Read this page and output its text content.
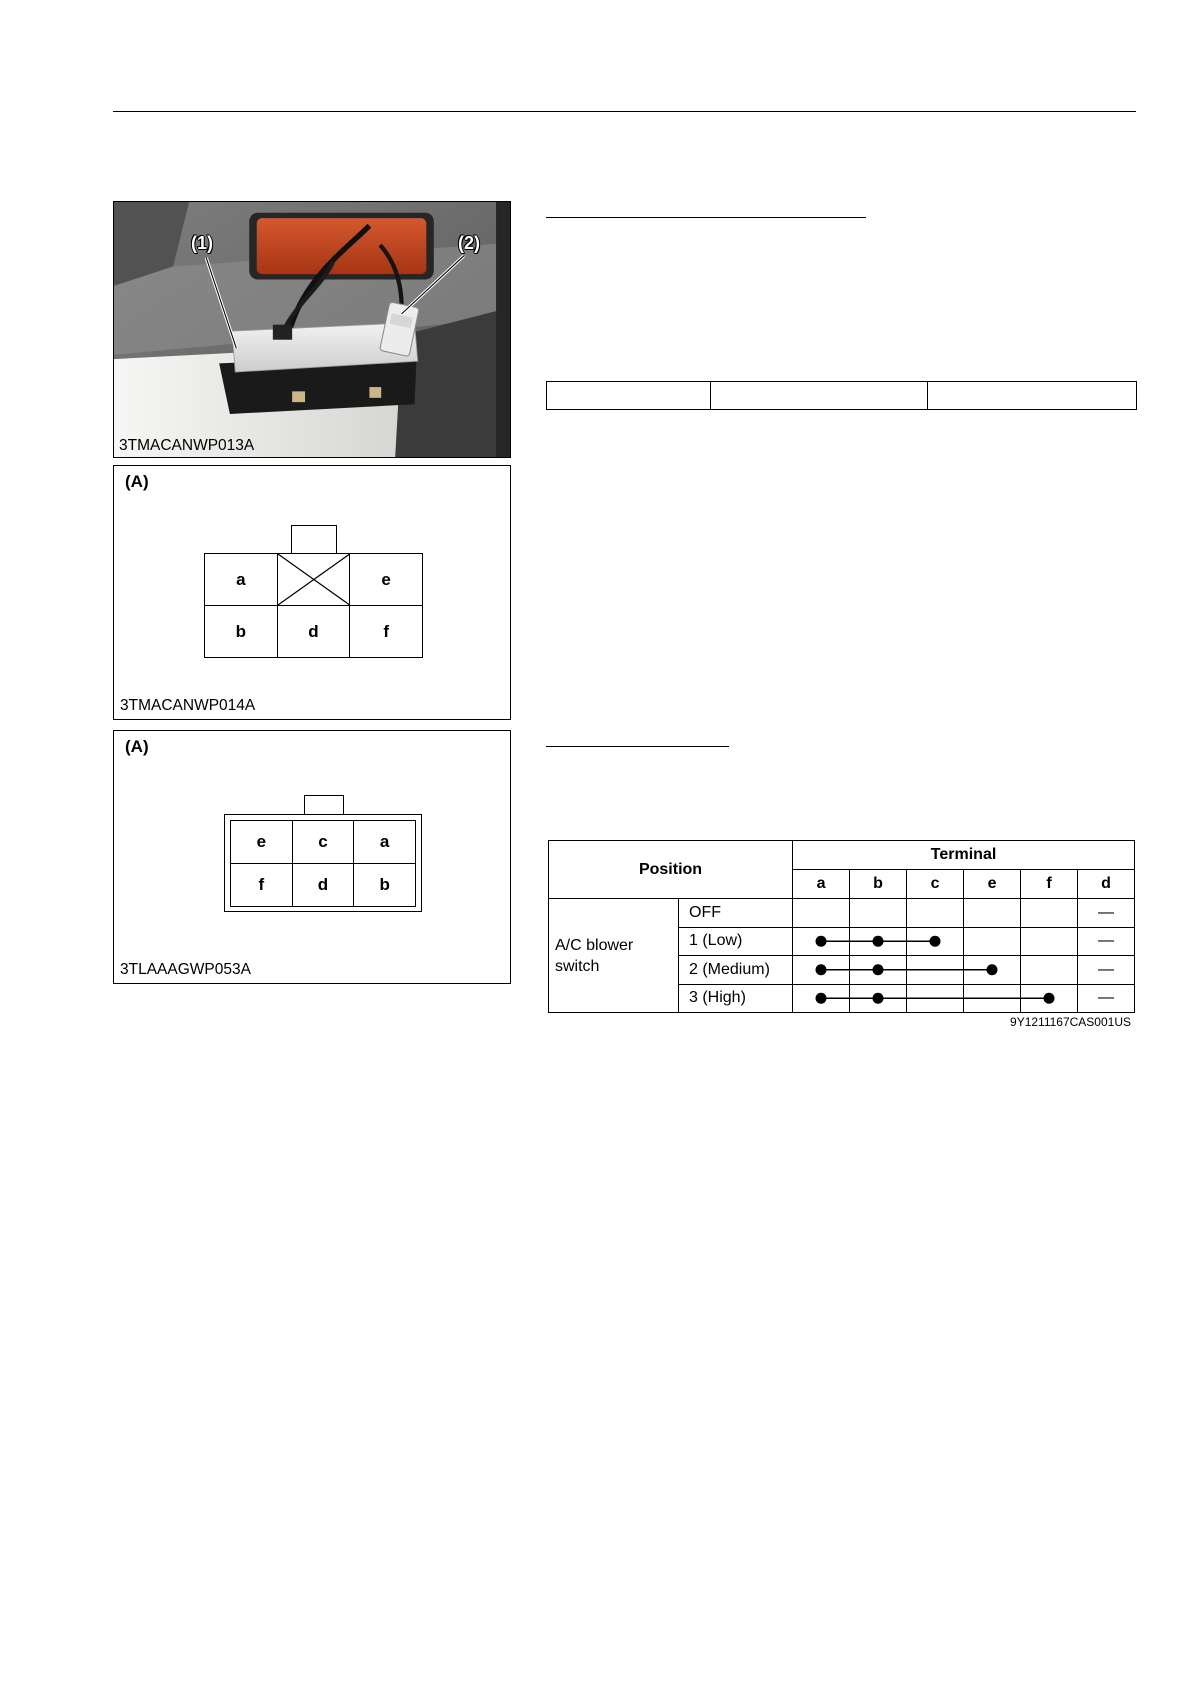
(1)	(2)
3TMACANWP013A
(A)
a		e
b	d	f
3TMACANWP014A
(A)
e	c	a
f	d	b
3TLAAAGWP053A

Position		Terminal					
		a	b	c	e	f	d
A/C blower switch	OFF						—
	1 (Low)						—
	2 (Medium)						—
	3 (High)						—
9Y1211167CAS001US
